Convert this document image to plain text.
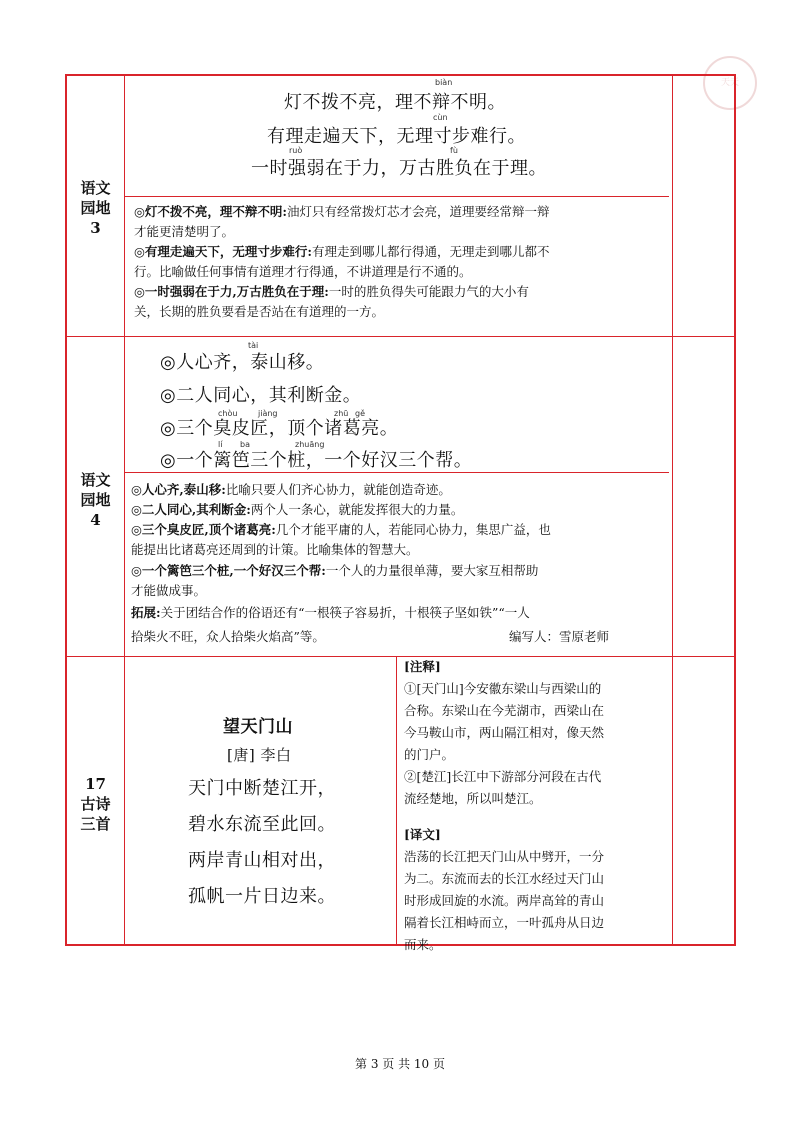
天天
语文
园地
3
biàn
cùn
ruò	fù
灯不拨不亮，理不辩不明。
有理走遍天下，无理寸步难行。
一时强弱在于力，万古胜负在于理。
◎灯不拨不亮，理不辩不明:油灯只有经常拨灯芯才会亮，道理要经常辩一辩
才能更清楚明了。
◎有理走遍天下，无理寸步难行:有理走到哪儿都行得通，无理走到哪儿都不
行。比喻做任何事情有道理才行得通，不讲道理是行不通的。
◎一时强弱在于力,万古胜负在于理:一时的胜负得失可能跟力气的大小有
关，长期的胜负要看是否站在有道理的一方。
语文
园地
4
tài
chòu	jiàng	zhū gě
lí ba	zhuāng
◎人心齐，泰山移。
◎二人同心，其利断金。
◎三个臭皮匠，顶个诸葛亮。
◎一个篱笆三个桩，一个好汉三个帮。
◎人心齐,泰山移:比喻只要人们齐心协力，就能创造奇迹。
◎二人同心,其利断金:两个人一条心，就能发挥很大的力量。
◎三个臭皮匠,顶个诸葛亮:几个才能平庸的人，若能同心协力，集思广益，也
能提出比诸葛亮还周到的计策。比喻集体的智慧大。
◎一个篱笆三个桩,一个好汉三个帮:一个人的力量很单薄，要大家互相帮助
才能做成事。
拓展:关于团结合作的俗语还有“一根筷子容易折，十根筷子坚如铁”“一人
拾柴火不旺，众人拾柴火焰高”等。	编写人：雪原老师
17
古诗
三首
望天门山
[唐] 李白
天门中断楚江开，
碧水东流至此回。
两岸青山相对出，
孤帆一片日边来。
[注释]
①[天门山]今安徽东梁山与西梁山的
合称。东梁山在今芜湖市，西梁山在
今马鞍山市，两山隔江相对，像天然
的门户。
②[楚江]长江中下游部分河段在古代
流经楚地，所以叫楚江。
[译文]
浩荡的长江把天门山从中劈开，一分
为二。东流而去的长江水经过天门山
时形成回旋的水流。两岸高耸的青山
隔着长江相峙而立，一叶孤舟从日边
而来。
第 3 页 共 10 页
